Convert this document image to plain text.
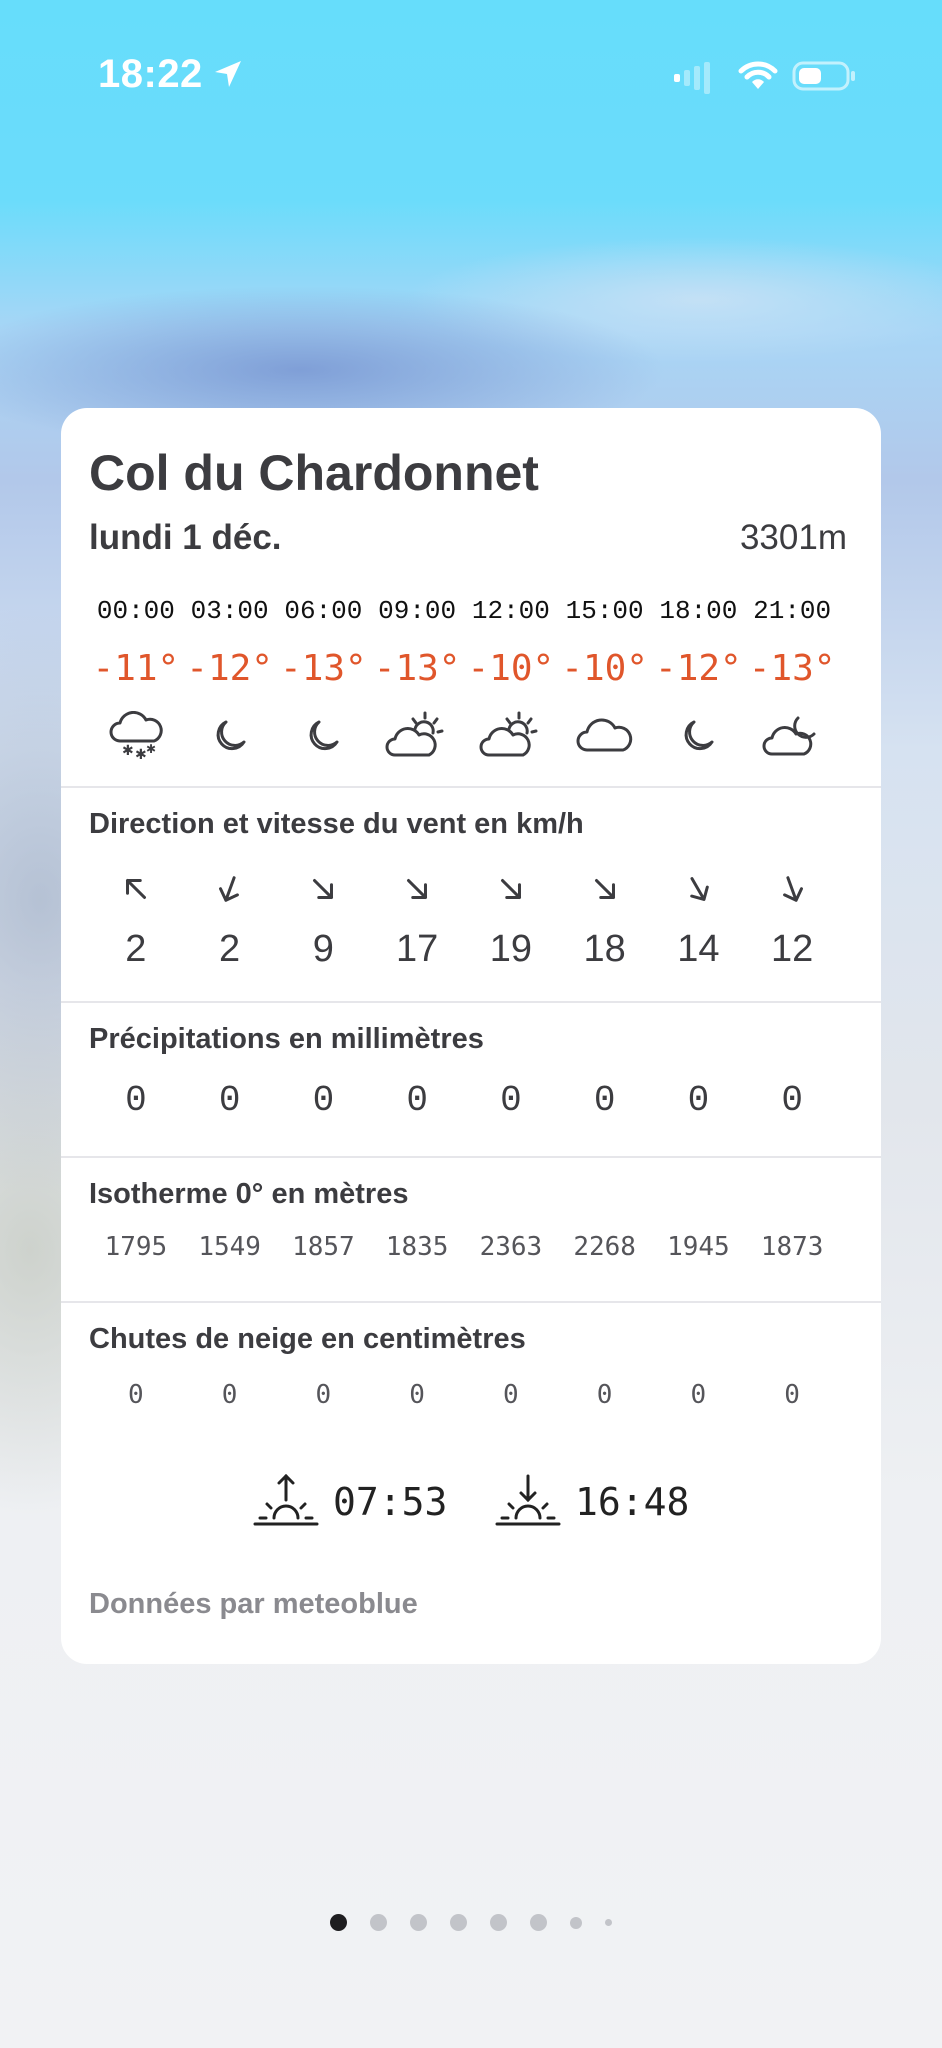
18:22
Col du Chardonnet
lundi 1 déc.	3301m
00:00 03:00 06:00 09:00 12:00 15:00 18:00 21:00
-11° -12° -13° -13° -10° -10° -12° -13°
✱ ✱ ✱
Direction et vitesse du vent en km/h
2	2	9	17	19	18	14	12
Précipitations en millimètres
0	0	0	0	0	0	0	0
Isotherme 0° en mètres
1795	1549	1857	1835	2363	2268	1945	1873
Chutes de neige en centimètres
0	0	0	0	0	0	0	0
07:53	16:48
Données par meteoblue
